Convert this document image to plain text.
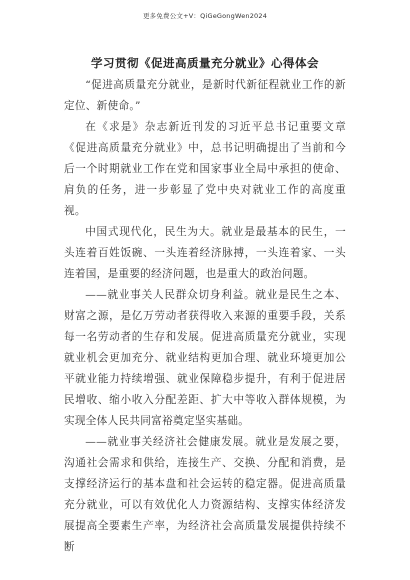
更多免费公文+V：QiGeGongWen2024
学习贯彻《促进高质量充分就业》心得体会

“促进高质量充分就业，是新时代新征程就业工作的新定位、新使命。”

在《求是》杂志新近刊发的习近平总书记重要文章《促进高质量充分就业》中，总书记明确提出了当前和今后一个时期就业工作在党和国家事业全局中承担的使命、肩负的任务，进一步彰显了党中央对就业工作的高度重视。

中国式现代化，民生为大。就业是最基本的民生，一头连着百姓饭碗、一头连着经济脉搏，一头连着家、一头连着国，是重要的经济问题，也是重大的政治问题。

——就业事关人民群众切身利益。就业是民生之本、财富之源，是亿万劳动者获得收入来源的重要手段，关系每一名劳动者的生存和发展。促进高质量充分就业，实现就业机会更加充分、就业结构更加合理、就业环境更加公平就业能力持续增强、就业保障稳步提升，有利于促进居民增收、缩小收入分配差距、扩大中等收入群体规模，为实现全体人民共同富裕奠定坚实基础。

——就业事关经济社会健康发展。就业是发展之要，沟通社会需求和供给，连接生产、交换、分配和消费，是支撑经济运行的基本盘和社会运转的稳定器。促进高质量充分就业，可以有效优化人力资源结构、支撑实体经济发展提高全要素生产率，为经济社会高质量发展提供持续不断
